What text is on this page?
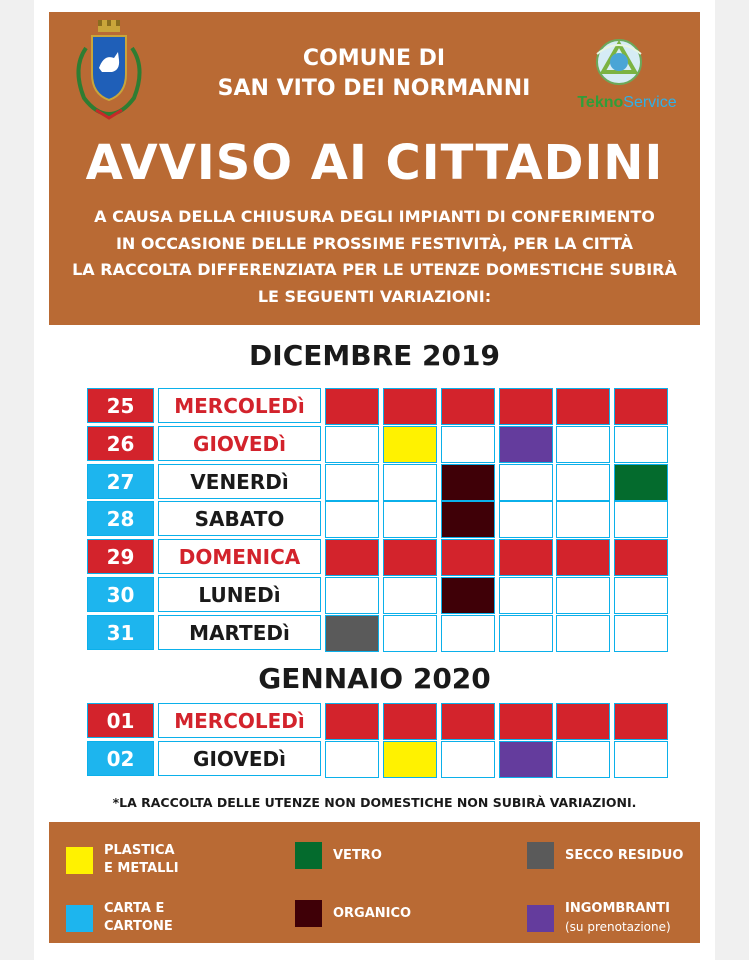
COMUNE DI
SAN VITO DEI NORMANNI
TeknoService
AVVISO AI CITTADINI
A CAUSA DELLA CHIUSURA DEGLI IMPIANTI DI CONFERIMENTO
IN OCCASIONE DELLE PROSSIME FESTIVITÀ, PER LA CITTÀ
LA RACCOLTA DIFFERENZIATA PER LE UTENZE DOMESTICHE SUBIRÀ
LE SEGUENTI VARIAZIONI:
DICEMBRE 2019
25	MERCOLEDì
26	GIOVEDì
27	VENERDì
28	SABATO
29	DOMENICA
30	LUNEDì
31	MARTEDì
GENNAIO 2020
01	MERCOLEDì
02	GIOVEDì
*LA RACCOLTA DELLE UTENZE NON DOMESTICHE NON SUBIRÀ VARIAZIONI.
PLASTICA
E METALLI
VETRO	SECCO RESIDUO
CARTA E
CARTONE
ORGANICO	INGOMBRANTI
(su prenotazione)
